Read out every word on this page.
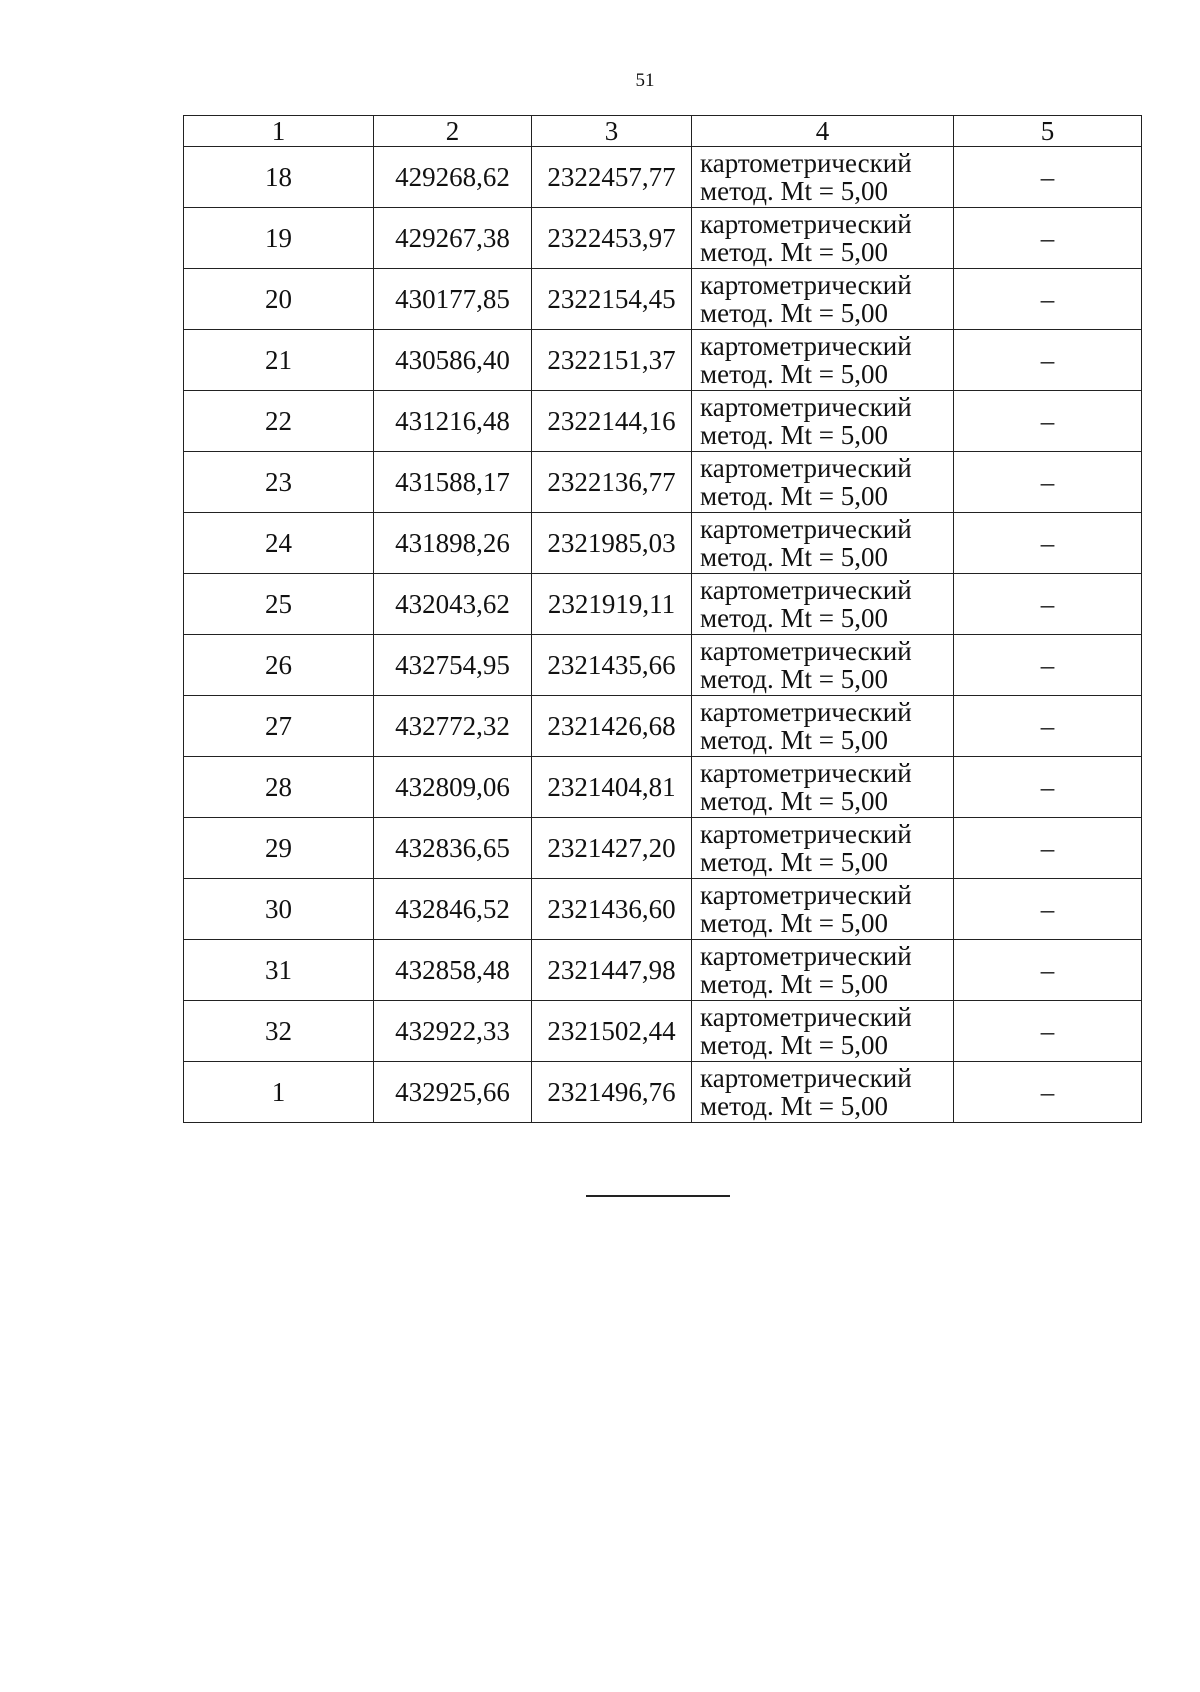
51
1	2	3	4	5
18	429268,62	2322457,77	картометрический
метод. Mt = 5,00	–
19	429267,38	2322453,97	картометрический
метод. Mt = 5,00	–
20	430177,85	2322154,45	картометрический
метод. Mt = 5,00	–
21	430586,40	2322151,37	картометрический
метод. Mt = 5,00	–
22	431216,48	2322144,16	картометрический
метод. Mt = 5,00	–
23	431588,17	2322136,77	картометрический
метод. Mt = 5,00	–
24	431898,26	2321985,03	картометрический
метод. Mt = 5,00	–
25	432043,62	2321919,11	картометрический
метод. Mt = 5,00	–
26	432754,95	2321435,66	картометрический
метод. Mt = 5,00	–
27	432772,32	2321426,68	картометрический
метод. Mt = 5,00	–
28	432809,06	2321404,81	картометрический
метод. Mt = 5,00	–
29	432836,65	2321427,20	картометрический
метод. Mt = 5,00	–
30	432846,52	2321436,60	картометрический
метод. Mt = 5,00	–
31	432858,48	2321447,98	картометрический
метод. Mt = 5,00	–
32	432922,33	2321502,44	картометрический
метод. Mt = 5,00	–
1	432925,66	2321496,76	картометрический
метод. Mt = 5,00	–
